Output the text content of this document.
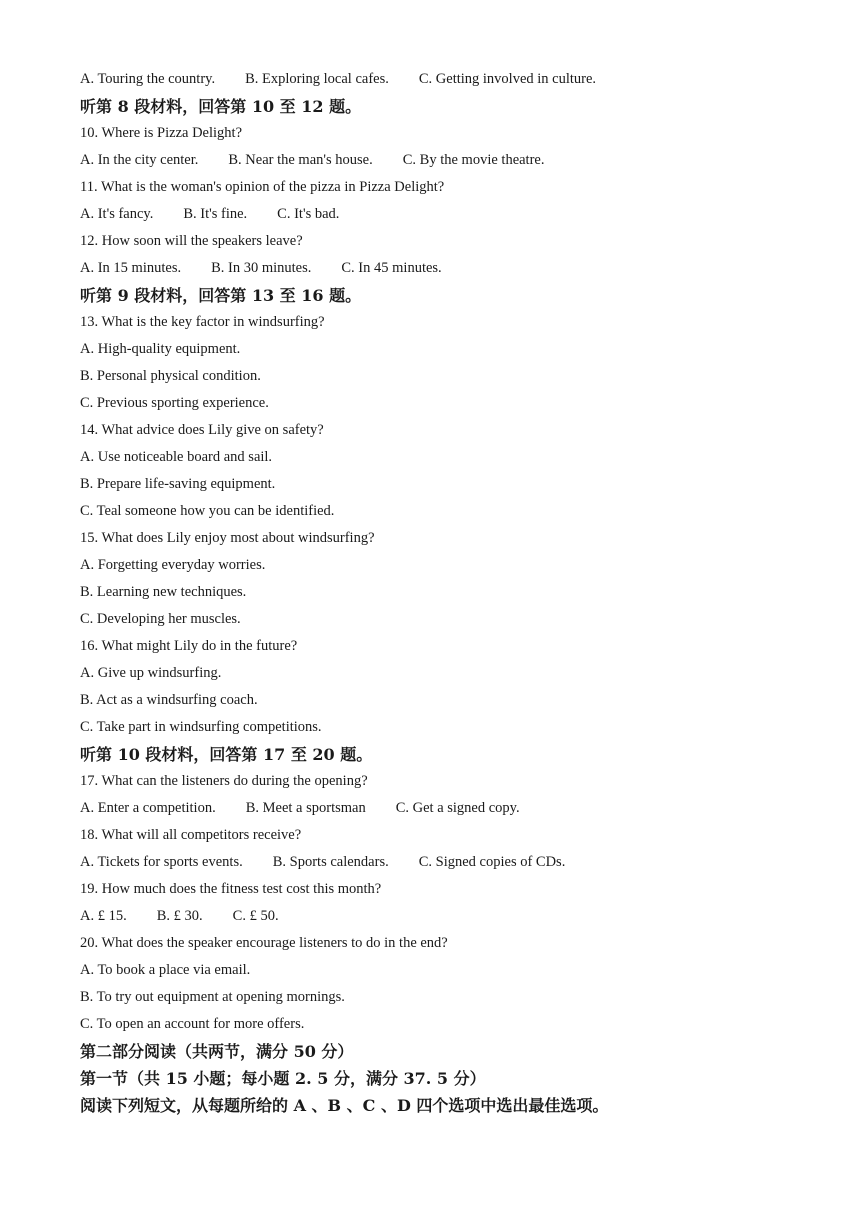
A. Touring the country. B. Exploring local cafes. C. Getting involved in culture.
听第 8 段材料，回答第 10 至 12 题。
10. Where is Pizza Delight?
A. In the city center. B. Near the man's house. C. By the movie theatre.
11. What is the woman's opinion of the pizza in Pizza Delight?
A. It's fancy. B. It's fine. C. It's bad.
12. How soon will the speakers leave?
A. In 15 minutes. B. In 30 minutes. C. In 45 minutes.
听第 9 段材料，回答第 13 至 16 题。
13. What is the key factor in windsurfing?
A. High-quality equipment.
B. Personal physical condition.
C. Previous sporting experience.
14. What advice does Lily give on safety?
A. Use noticeable board and sail.
B. Prepare life-saving equipment.
C. Teal someone how you can be identified.
15. What does Lily enjoy most about windsurfing?
A. Forgetting everyday worries.
B. Learning new techniques.
C. Developing her muscles.
16. What might Lily do in the future?
A. Give up windsurfing.
B. Act as a windsurfing coach.
C. Take part in windsurfing competitions.
听第 10 段材料，回答第 17 至 20 题。
17. What can the listeners do during the opening?
A. Enter a competition. B. Meet a sportsman C. Get a signed copy.
18. What will all competitors receive?
A. Tickets for sports events. B. Sports calendars. C. Signed copies of CDs.
19. How much does the fitness test cost this month?
A. £ 15. B. £ 30. C. £ 50.
20. What does the speaker encourage listeners to do in the end?
A. To book a place via email.
B. To try out equipment at opening mornings.
C. To open an account for more offers.
第二部分阅读（共两节，满分 50 分）
第一节（共 15 小题；每小题 2. 5 分，满分 37. 5 分）
阅读下列短文，从每题所给的 A 、B 、C 、D 四个选项中选出最佳选项。
